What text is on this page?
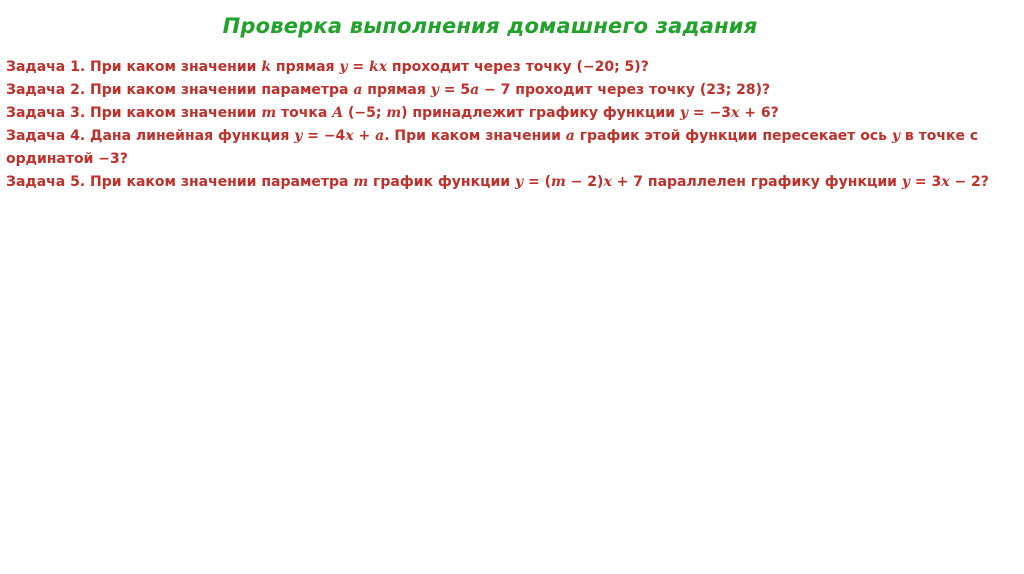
Проверка выполнения домашнего задания

Задача 1. При каком значении k прямая y = kx проходит через точку (−20; 5)?

Задача 2. При каком значении параметра a прямая y = 5a − 7 проходит через точку (23; 28)?

Задача 3. При каком значении m точка A (−5; m) принадлежит графику функции y = −3x + 6?

Задача 4. Дана линейная функция y = −4x + a. При каком значении a график этой функции пересекает ось y в точке с ординатой −3?

Задача 5. При каком значении параметра m график функции y = (m − 2)x + 7 параллелен графику функции y = 3x − 2?
